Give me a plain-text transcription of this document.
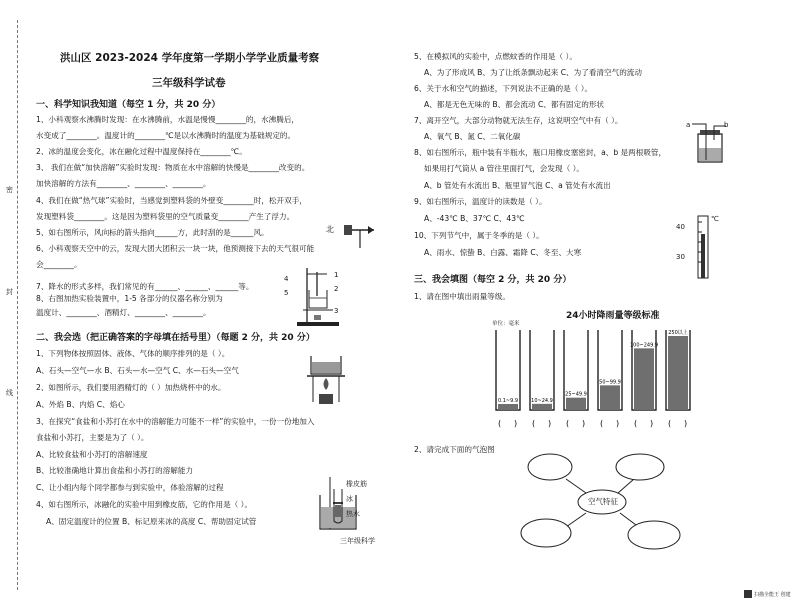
密
封
线
洪山区 2023-2024 学年度第一学期小学学业质量考察
三年级科学试卷
一、科学知识我知道（每空 1 分，共 20 分）
1、小科观察水沸腾时发现：在水沸腾前，水温是慢慢________的，水沸腾后，
水变成了________。温度计的________℃是以水沸腾时的温度为基础规定的。
2、冰的温度会变化，冰在融化过程中温度保持在________℃。
3、 我们在做“加快溶解”实验时发现：物质在水中溶解的快慢是________改变的。
加快溶解的方法有________、________、________。
4、我们在做“热气球”实验时，当感觉到塑料袋的外壁变________时，松开双手，
发现塑料袋________。这是因为塑料袋里的空气质量变________产生了浮力。
5、如右图所示，风向标的箭头指向______方，此时刮的是______风。
6、小科观察天空中的云，发现大团大团积云一块一块，他预测接下去的天气很可能
会________。
7、降水的形式多样，我们常见的有______、______、______等。
8、右图加热实验装置中，1-5 各部分的仪器名称分别为
温度计、________、酒精灯、________、________。
北
4
5
1
2
3
二、我会选（把正确答案的字母填在括号里）（每题 2 分，共 20 分）
1、下列物体按照固体、液体、气体的顺序排列的是（ ）。
A、石头—空气—水 B、石头—水—空气 C、水—石头—空气
2、如图所示，我们要用酒精灯的（ ）加热烧杯中的水。
A、外焰 B、内焰 C、焰心
3、在探究“食盐和小苏打在水中的溶解能力可能不一样”的实验中，一份一份地加入
食盐和小苏打，主要是为了（ ）。
A、比较食盐和小苏打的溶解速度
B、比较准确地计算出食盐和小苏打的溶解能力
C、让小组内每个同学都参与到实验中，体验溶解的过程
4、如右图所示，冰融化的实验中用到橡皮筋，它的作用是（ ）。
A、固定温度计的位置 B、标记原来冰的高度 C、帮助固定试管
橡皮筋
冰
热水
三年级科学
5、在模拟风的实验中，点燃蚊香的作用是（ ）。
A、为了形成风 B、为了让纸条飘动起来 C、为了看清空气的流动
6、关于水和空气的描述，下列说法不正确的是（ ）。
A、都是无色无味的 B、都会流动 C、都有固定的形状
7、离开空气，大部分动物就无法生存，这说明空气中有（ ）。
A、氧气 B、氮 C、二氧化碳
8、如右图所示，瓶中装有半瓶水，瓶口用橡皮塞密封，a、b 是两根吸管，
如果用打气筒从 a 管往里面打气，会发现（ ）。
A、b 管处有水流出 B、瓶里冒气泡 C、a 管处有水流出
9、如右图所示，温度计的读数是（ ）。
A、-43℃ B、37℃ C、43℃
10、下列节气中，属于冬季的是（ ）。
A、雨水、惊蛰 B、白露、霜降 C、冬至、大寒
a	b
40
30
℃
三、我会填图（每空 2 分，共 20 分）
1、请在图中填出雨量等级。
24小时降雨量等级标准
单位：毫米
0.1~9.9
( )
10~24.9
( )
25~49.9
( )
50~99.9
( )
100~249.9
( )
250以上
( )
2、请完成下面的气泡图
空气特征
扫描全能王 创建
